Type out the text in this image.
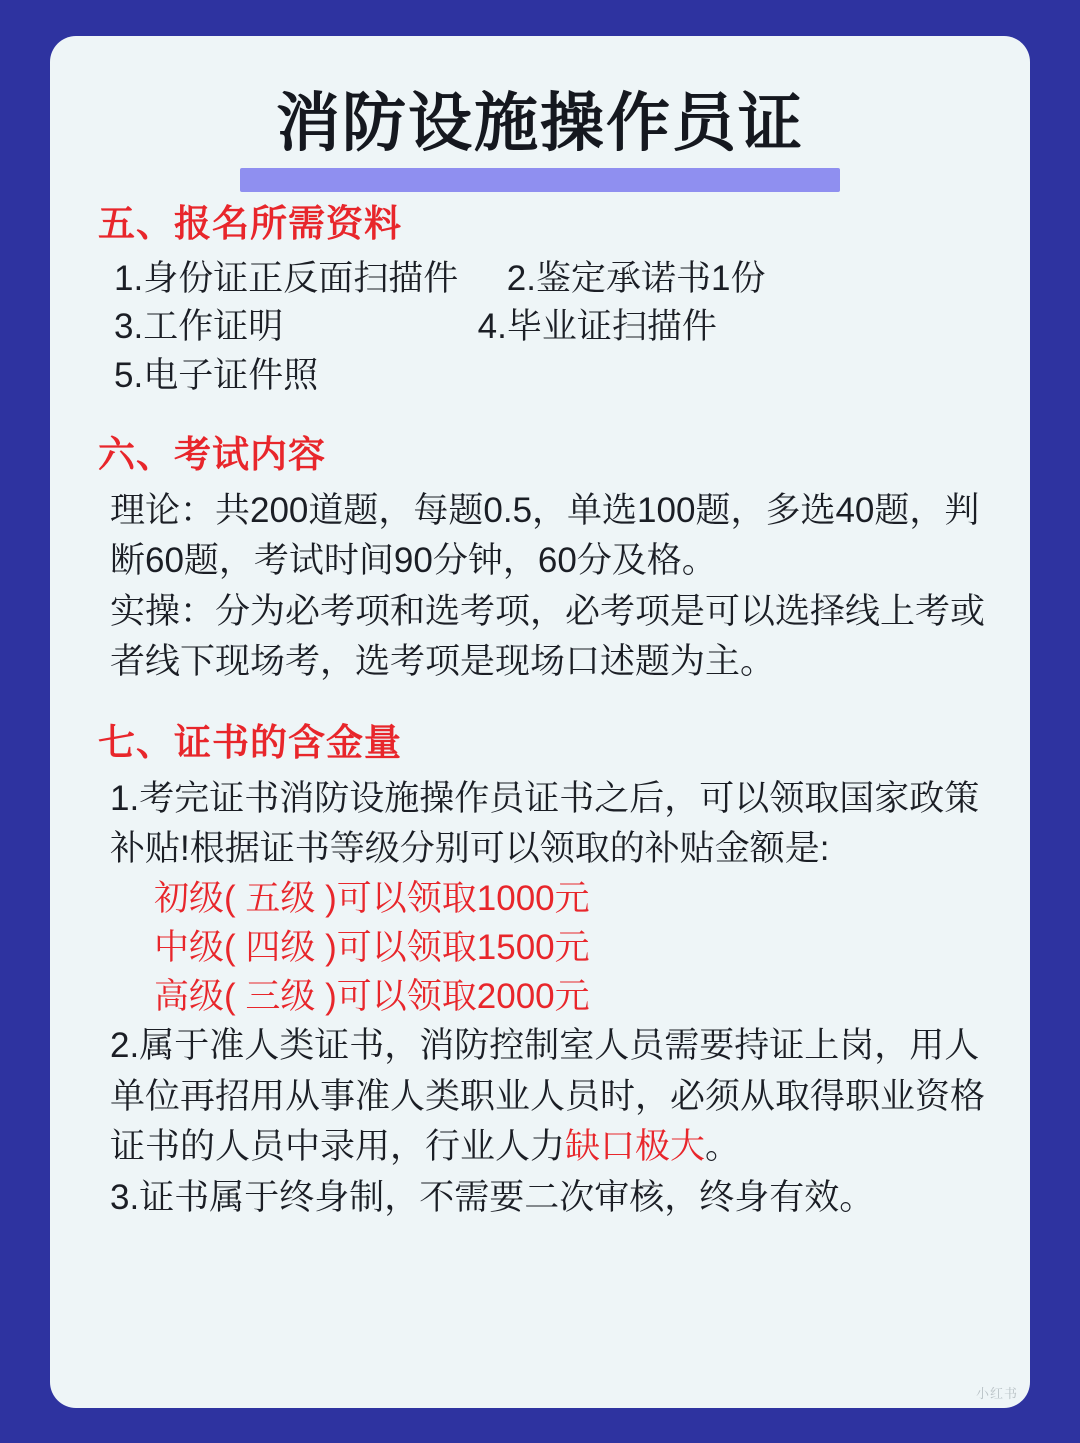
消防设施操作员证
五、报名所需资料
1.身份证正反面扫描件     2.鉴定承诺书1份
3.工作证明                    4.毕业证扫描件
5.电子证件照
六、考试内容
理论：共200道题，每题0.5，单选100题，多选40题，判断60题，考试时间90分钟，60分及格。
实操：分为必考项和选考项，必考项是可以选择线上考或者线下现场考，选考项是现场口述题为主。
七、证书的含金量
1.考完证书消防设施操作员证书之后，可以领取国家政策补贴!根据证书等级分别可以领取的补贴金额是:
初级( 五级 )可以领取1000元
中级( 四级 )可以领取1500元
高级( 三级 )可以领取2000元
2.属于准人类证书，消防控制室人员需要持证上岗，用人单位再招用从事准人类职业人员时，必须从取得职业资格证书的人员中录用，行业人力缺口极大。
3.证书属于终身制，不需要二次审核，终身有效。
小红书
